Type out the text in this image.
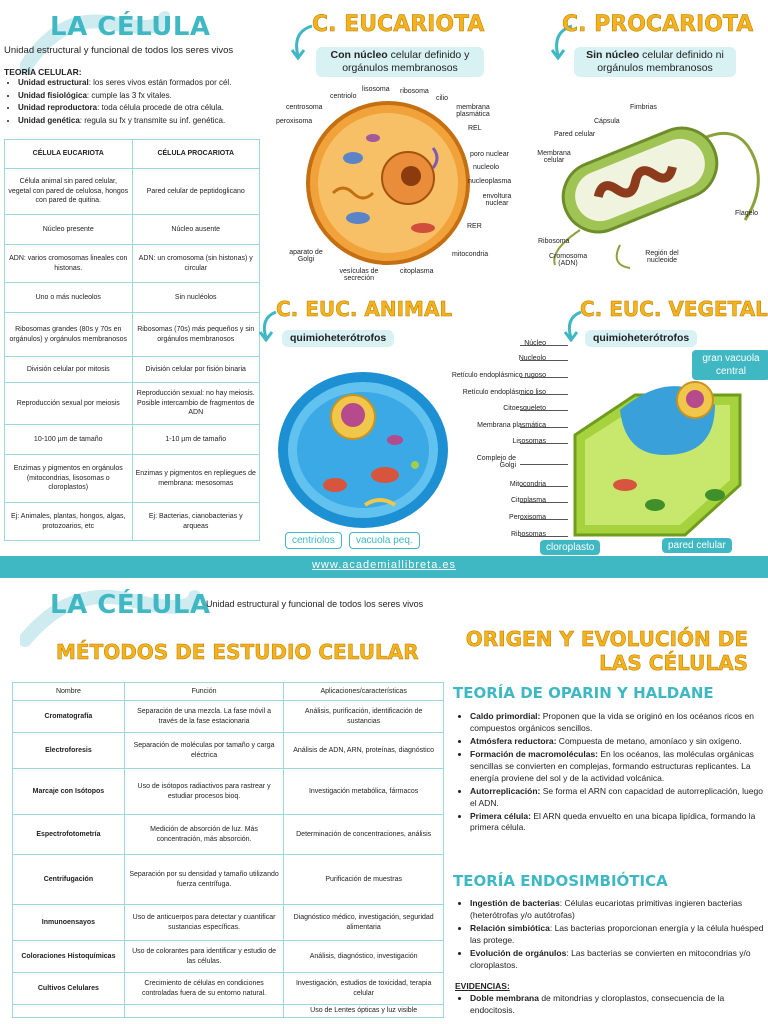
LA CÉLULA
Unidad estructural y funcional de todos los seres vivos
TEORÍA CELULAR:
• Unidad estructural: los seres vivos están formados por cél.
• Unidad fisiológica: cumple las 3 fx vitales.
• Unidad reproductora: toda célula procede de otra célula.
• Unidad genética: regula su fx y transmite su inf. genética.
CÉLULA EUCARIOTA	CÉLULA PROCARIOTA
Célula animal sin pared celular, vegetal con pared de celulosa, hongos con pared de quitina.	Pared celular de peptidoglicano
Núcleo presente	Núcleo ausente
ADN: varios cromosomas lineales con histonas.	ADN: un cromosoma (sin histonas) y circular
Uno o más nucleolos	Sin nucléolos
Ribosomas grandes (80s y 70s en orgánulos) y orgánulos membranosos	Ribosomas (70s) más pequeños y sin orgánulos membranosos
División celular por mitosis	División celular por fisión binaria
Reproducción sexual por meiosis	Reproducción sexual: no hay meiosis. Posible intercambio de fragmentos de ADN
10-100 µm de tamaño	1-10 µm de tamaño
Enzimas y pigmentos en orgánulos (mitocondrias, lisosomas o cloroplastos)	Enzimas y pigmentos en repliegues de membrana: mesosomas
Ej: Animales, plantas, hongos, algas, protozoarios, etc	Ej: Bacterias, cianobacterias y arqueas
C. EUCARIOTA
Con núcleo celular definido y orgánulos membranosos
centriolo
lisosoma ribosoma
cilio
centrosoma	membrana plasmática
peroxisoma
REL
poro nuclear
nucleolo
nucleoplasma
envoltura nuclear
RER
mitocondria
aparato de Golgi
vesículas de secreción
citoplasma
C. PROCARIOTA
Sin núcleo celular definido ni orgánulos membranosos
Fimbrias
Cápsula
Pared celular
Membrana celular
Flagelo
Ribosoma
Cromosoma (ADN)
Región del nucleoide
C. EUC. ANIMAL
quimioheterótrofos
C. EUC. VEGETAL
quimioheterótrofos
centriolos	vacuola peq.
Núcleo
Nucleolo
Retículo endoplásmico rugoso
Retículo endoplásmico liso
Citoesqueleto
Membrana plasmática
Lisosomas
Complejo de Golgi
Mitocondria
Citoplasma
Peroxisoma
Ribosomas
gran vacuola central
cloroplasto	pared celular
www.academiallibreta.es
LA CÉLULA
Unidad estructural y funcional de todos los seres vivos
MÉTODOS DE ESTUDIO CELULAR
Nombre	Función	Aplicaciones/características
Cromatografía	Separación de una mezcla. La fase móvil a través de la fase estacionaria	Análisis, purificación, identificación de sustancias
Electroforesis	Separación de moléculas por tamaño y carga eléctrica	Análisis de ADN, ARN, proteínas, diagnóstico
Marcaje con Isótopos	Uso de isótopos radiactivos para rastrear y estudiar procesos bioq.	Investigación metabólica, fármacos
Espectrofotometría	Medición de absorción de luz. Más concentración, más absorción.	Determinación de concentraciones, análisis
Centrifugación	Separación por su densidad y tamaño utilizando fuerza centrífuga.	Purificación de muestras
Inmunoensayos	Uso de anticuerpos para detectar y cuantificar sustancias específicas.	Diagnóstico médico, investigación, seguridad alimentaria
Coloraciones Histoquímicas	Uso de colorantes para identificar y estudio de las células.	Análisis, diagnóstico, investigación
Cultivos Celulares	Crecimiento de células en condiciones controladas fuera de su entorno natural.	Investigación, estudios de toxicidad, terapia celular
		Uso de Lentes ópticas y luz visible
ORIGEN Y EVOLUCIÓN DE
LAS CÉLULAS
TEORÍA DE OPARIN Y HALDANE
• Caldo primordial: Proponen que la vida se originó en los océanos ricos en compuestos orgánicos sencillos.
• Atmósfera reductora: Compuesta de metano, amoníaco y sin oxígeno.
• Formación de macromoléculas: En los océanos, las moléculas orgánicas sencillas se convierten en complejas, formando estructuras replicantes. La energía proviene del sol y de la actividad volcánica.
• Autorreplicación: Se forma el ARN con capacidad de autorreplicación, luego el ADN.
• Primera célula: El ARN queda envuelto en una bicapa lipídica, formando la primera célula.
TEORÍA ENDOSIMBIÓTICA
• Ingestión de bacterias: Células eucariotas primitivas ingieren bacterias (heterótrofas y/o autótrofas)
• Relación simbiótica: Las bacterias proporcionan energía y la célula huésped las protege.
• Evolución de orgánulos: Las bacterias se convierten en mitocondrias y/o cloroplastos.
EVIDENCIAS:
• Doble membrana de mitondrias y cloroplastos, consecuencia de la endocitosis.
